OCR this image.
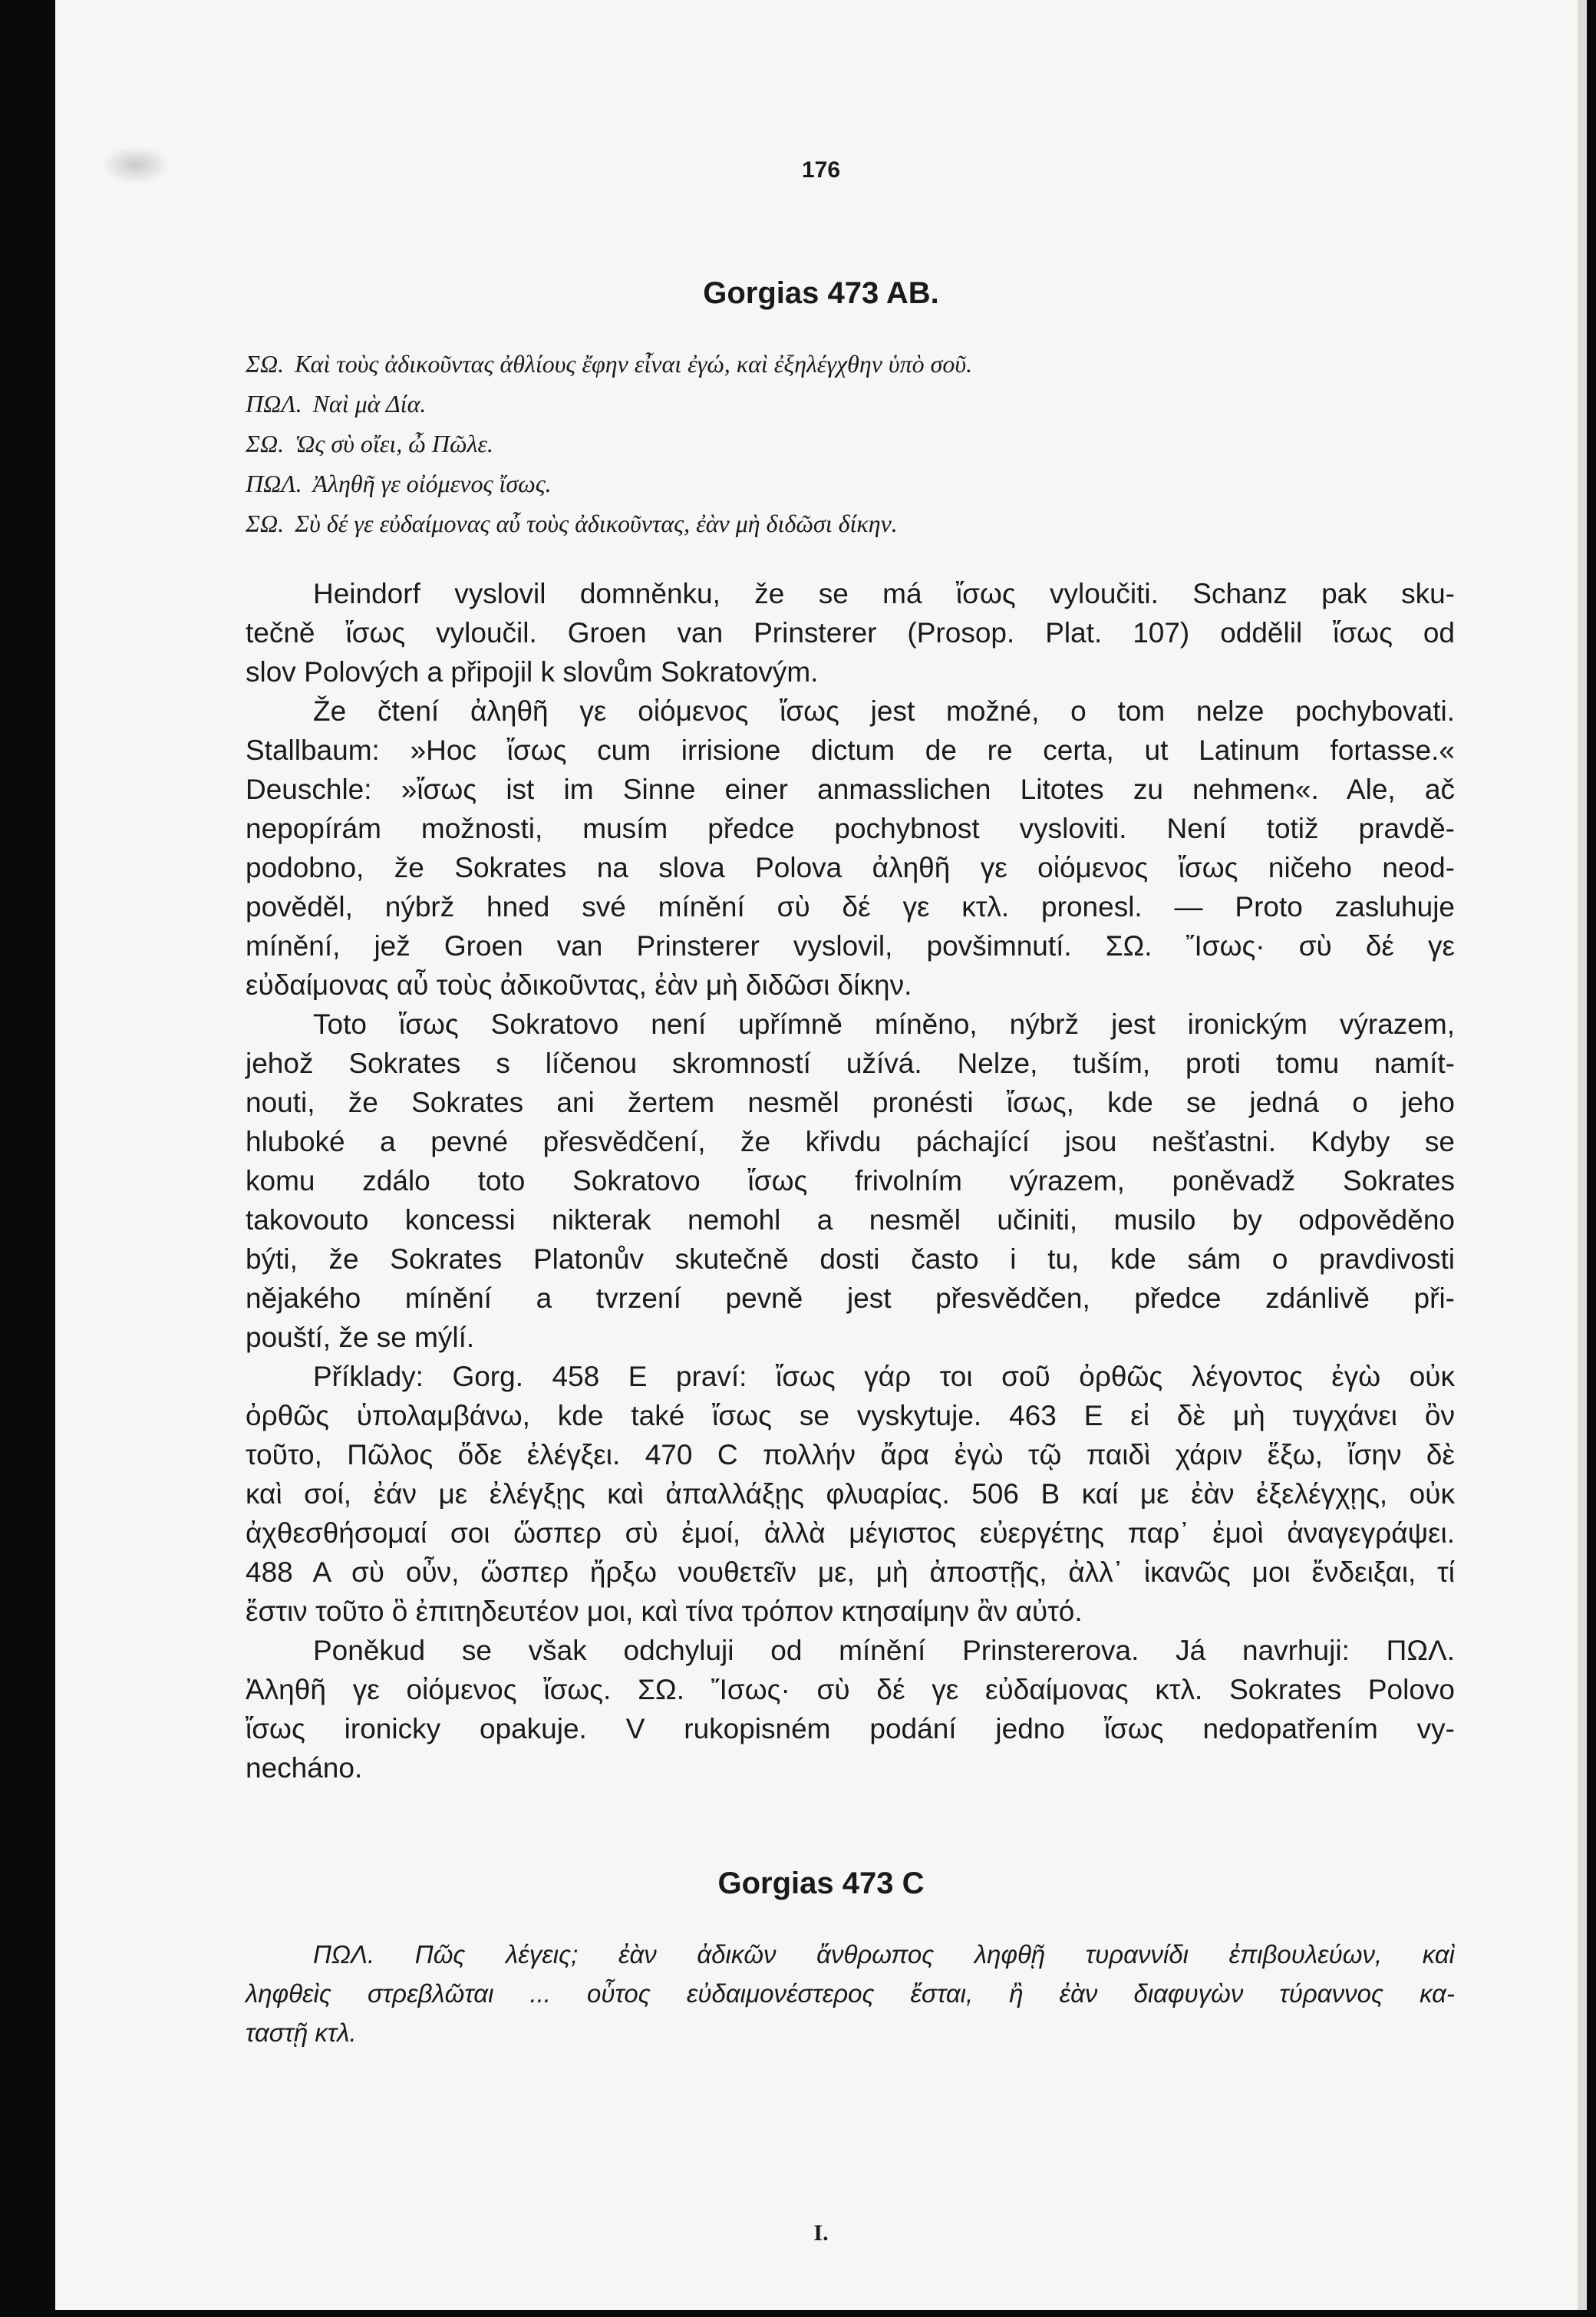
176
Gorgias 473 AB.
ΣΩ. Καὶ τοὺς ἀδικοῦντας ἀθλίους ἔφην εἶναι ἐγώ, καὶ ἐξηλέγχθην ὑπὸ σοῦ.
ΠΩΛ. Ναὶ μὰ Δία.
ΣΩ. Ὡς σὺ οἴει, ὦ Πῶλε.
ΠΩΛ. Ἀληθῆ γε οἰόμενος ἴσως.
ΣΩ. Σὺ δέ γε εὐδαίμονας αὖ τοὺς ἀδικοῦντας, ἐὰν μὴ διδῶσι δίκην.
Heindorf vyslovil domněnku, že se má ἴσως vyloučiti. Schanz pak sku-
tečně ἴσως vyloučil. Groen van Prinsterer (Prosop. Plat. 107) oddělil ἴσως od
slov Polových a připojil k slovům Sokratovým.
Že čtení ἀληθῆ γε οἰόμενος ἴσως jest možné, o tom nelze pochybovati.
Stallbaum: »Hoc ἴσως cum irrisione dictum de re certa, ut Latinum fortasse.«
Deuschle: »ἴσως ist im Sinne einer anmasslichen Litotes zu nehmen«. Ale, ač
nepopírám možnosti, musím předce pochybnost vysloviti. Není totiž pravdě-
podobno, že Sokrates na slova Polova ἀληθῆ γε οἰόμενος ἴσως ničeho neod-
pověděl, nýbrž hned své mínění σὺ δέ γε κτλ. pronesl. — Proto zasluhuje
mínění, jež Groen van Prinsterer vyslovil, povšimnutí. ΣΩ. Ἴσως· σὺ δέ γε
εὐδαίμονας αὖ τοὺς ἀδικοῦντας, ἐὰν μὴ διδῶσι δίκην.
Toto ἴσως Sokratovo není upřímně míněno, nýbrž jest ironickým výrazem,
jehož Sokrates s líčenou skromností užívá. Nelze, tuším, proti tomu namít-
nouti, že Sokrates ani žertem nesměl pronésti ἴσως, kde se jedná o jeho
hluboké a pevné přesvědčení, že křivdu páchající jsou nešťastni. Kdyby se
komu zdálo toto Sokratovo ἴσως frivolním výrazem, poněvadž Sokrates
takovouto koncessi nikterak nemohl a nesměl učiniti, musilo by odpověděno
býti, že Sokrates Platonův skutečně dosti často i tu, kde sám o pravdivosti
nějakého mínění a tvrzení pevně jest přesvědčen, předce zdánlivě při-
pouští, že se mýlí.
Příklady: Gorg. 458 E praví: ἴσως γάρ τοι σοῦ ὀρθῶς λέγοντος ἐγὼ οὐκ
ὀρθῶς ὑπολαμβάνω, kde také ἴσως se vyskytuje. 463 E εἰ δὲ μὴ τυγχάνει ὂν
τοῦτο, Πῶλος ὅδε ἐλέγξει. 470 C πολλήν ἄρα ἐγὼ τῷ παιδὶ χάριν ἕξω, ἴσην δὲ
καὶ σοί, ἐάν με ἐλέγξῃς καὶ ἀπαλλάξῃς φλυαρίας. 506 B καί με ἐὰν ἐξελέγχῃς, οὐκ
ἀχθεσθήσομαί σοι ὥσπερ σὺ ἐμοί, ἀλλὰ μέγιστος εὐεργέτης παρ᾽ ἐμοὶ ἀναγεγράψει.
488 A σὺ οὖν, ὥσπερ ἤρξω νουθετεῖν με, μὴ ἀποστῇς, ἀλλ᾽ ἱκανῶς μοι ἔνδειξαι, τί
ἔστιν τοῦτο ὃ ἐπιτηδευτέον μοι, καὶ τίνα τρόπον κτησαίμην ἂν αὐτό.
Poněkud se však odchyluji od mínění Prinstererova. Já navrhuji: ΠΩΛ.
Ἀληθῆ γε οἰόμενος ἴσως. ΣΩ. Ἴσως· σὺ δέ γε εὐδαίμονας κτλ. Sokrates Polovo
ἴσως ironicky opakuje. V rukopisném podání jedno ἴσως nedopatřením vy-
necháno.
Gorgias 473 C
ΠΩΛ. Πῶς λέγεις; ἐὰν ἀδικῶν ἄνθρωπος ληφθῇ τυραννίδι ἐπιβουλεύων, καὶ
ληφθεὶς στρεβλῶται ... οὗτος εὐδαιμονέστερος ἔσται, ἢ ἐὰν διαφυγὼν τύραννος κα-
ταστῇ κτλ.
I.
